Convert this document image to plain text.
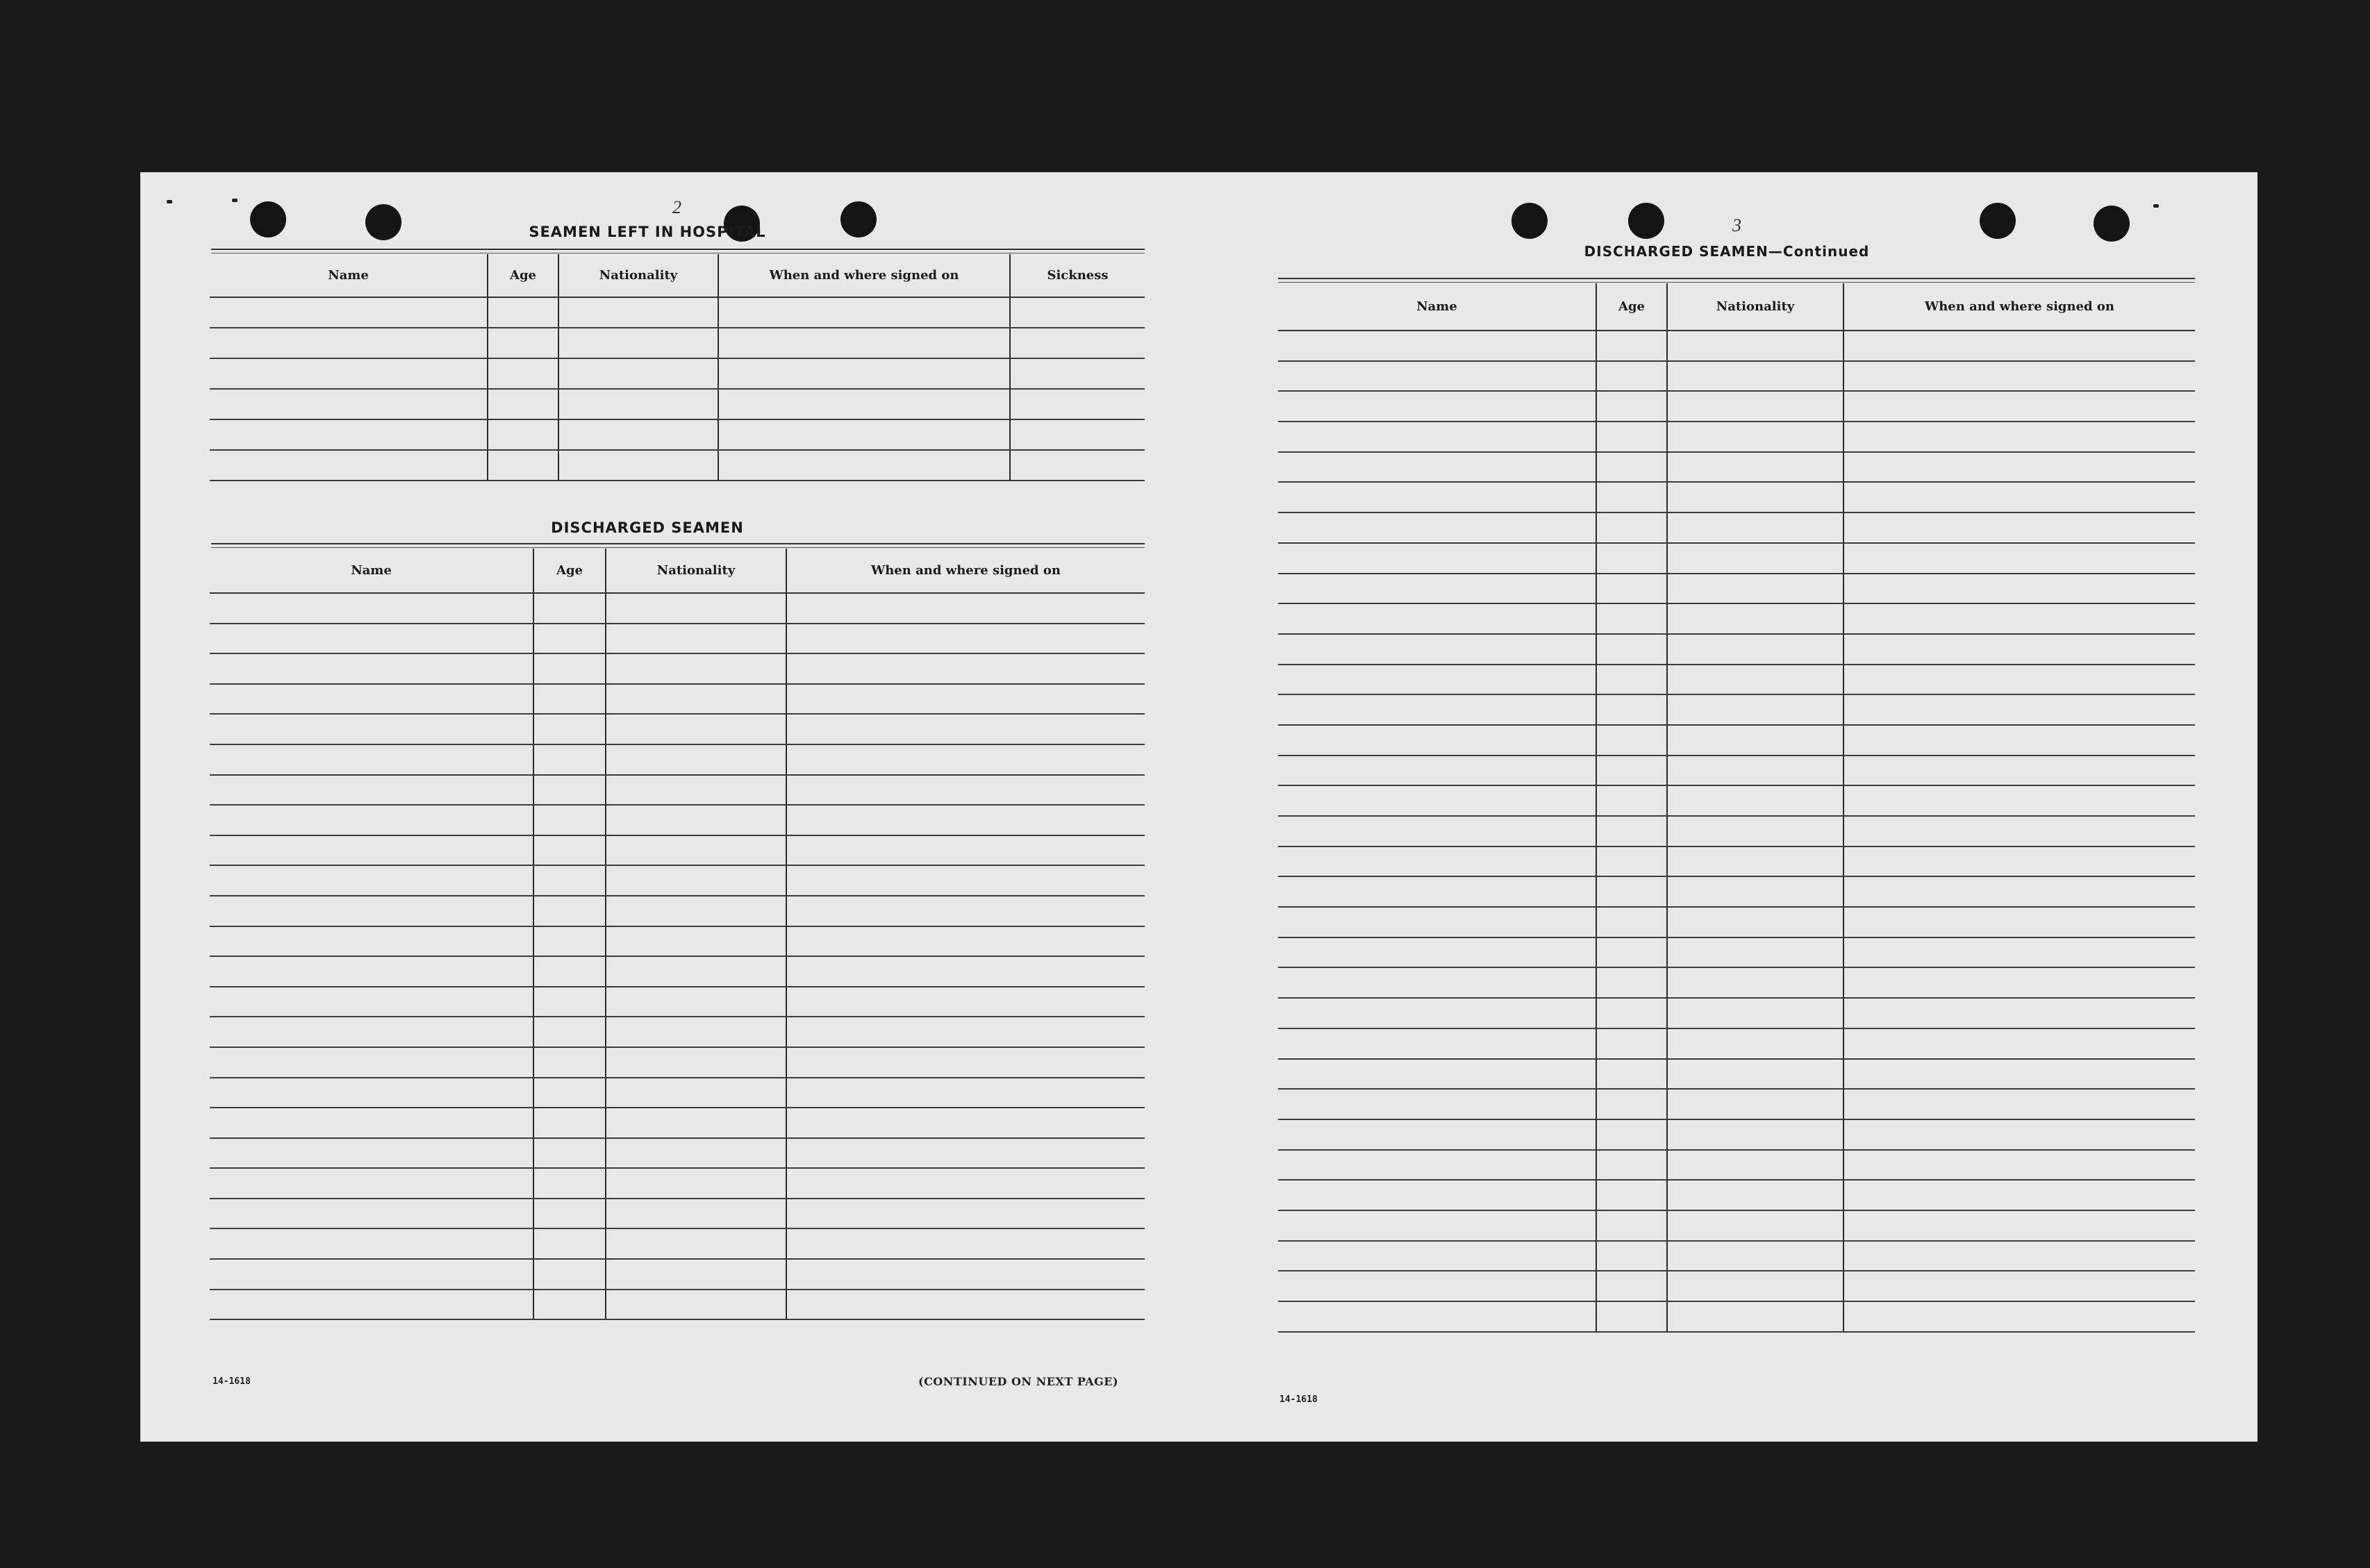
2
SEAMEN LEFT IN HOSPITAL
Name	Age	Nationality	When and where signed on	Sickness

DISCHARGED SEAMEN
Name	Age	Nationality	When and where signed on

14-1618	(CONTINUED ON NEXT PAGE)
3
DISCHARGED SEAMEN—Continued
Name	Age	Nationality	When and where signed on

14-1618
